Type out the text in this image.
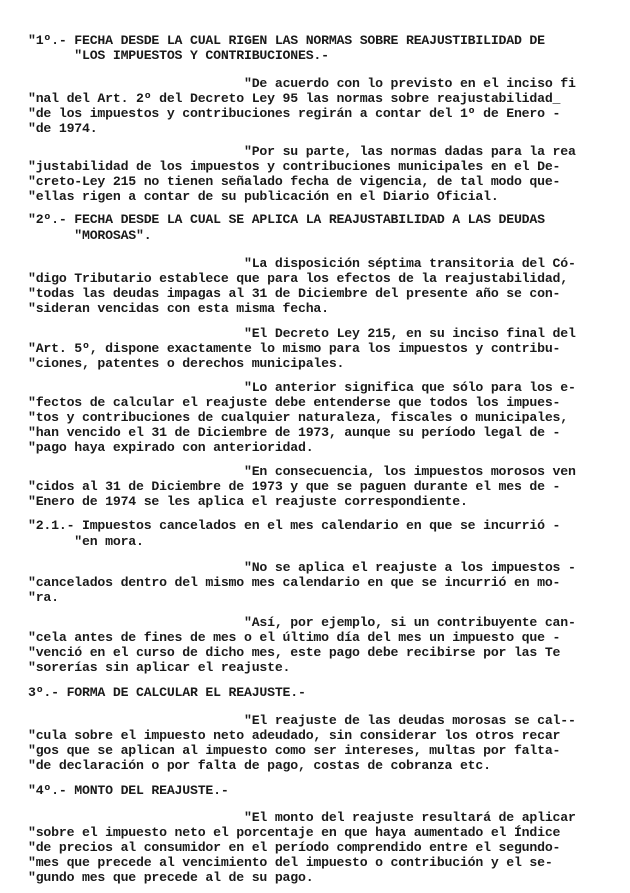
"1º.- FECHA DESDE LA CUAL RIGEN LAS NORMAS SOBRE REAJUSTIBILIDAD DE
"LOS IMPUESTOS Y CONTRIBUCIONES.-
"De acuerdo con lo previsto en el inciso fi
"nal del Art. 2º del Decreto Ley 95 las normas sobre reajustabilidad_
"de los impuestos y contribuciones regirán a contar del 1º de Enero -
"de 1974.
"Por su parte, las normas dadas para la rea
"justabilidad de los impuestos y contribuciones municipales en el De-
"creto-Ley 215 no tienen señalado fecha de vigencia, de tal modo que-
"ellas rigen a contar de su publicación en el Diario Oficial.
"2º.- FECHA DESDE LA CUAL SE APLICA LA REAJUSTABILIDAD A LAS DEUDAS
"MOROSAS".
"La disposición séptima transitoria del Có-
"digo Tributario establece que para los efectos de la reajustabilidad,
"todas las deudas impagas al 31 de Diciembre del presente año se con-
"sideran vencidas con esta misma fecha.
"El Decreto Ley 215, en su inciso final del
"Art. 5º, dispone exactamente lo mismo para los impuestos y contribu-
"ciones, patentes o derechos municipales.
"Lo anterior significa que sólo para los e-
"fectos de calcular el reajuste debe entenderse que todos los impues-
"tos y contribuciones de cualquier naturaleza, fiscales o municipales,
"han vencido el 31 de Diciembre de 1973, aunque su período legal de -
"pago haya expirado con anterioridad.
"En consecuencia, los impuestos morosos ven
"cidos al 31 de Diciembre de 1973 y que se paguen durante el mes de -
"Enero de 1974 se les aplica el reajuste correspondiente.
"2.1.- Impuestos cancelados en el mes calendario en que se incurrió -
"en mora.
"No se aplica el reajuste a los impuestos -
"cancelados dentro del mismo mes calendario en que se incurrió en mo-
"ra.
"Así, por ejemplo, si un contribuyente can-
"cela antes de fines de mes o el último día del mes un impuesto que -
"venció en el curso de dicho mes, este pago debe recibirse por las Te
"sorerías sin aplicar el reajuste.
3º.- FORMA DE CALCULAR EL REAJUSTE.-
"El reajuste de las deudas morosas se cal--
"cula sobre el impuesto neto adeudado, sin considerar los otros recar
"gos que se aplican al impuesto como ser intereses, multas por falta-
"de declaración o por falta de pago, costas de cobranza etc.
"4º.- MONTO DEL REAJUSTE.-
"El monto del reajuste resultará de aplicar
"sobre el impuesto neto el porcentaje en que haya aumentado el Índice
"de precios al consumidor en el período comprendido entre el segundo-
"mes que precede al vencimiento del impuesto o contribución y el se-
"gundo mes que precede al de su pago.
